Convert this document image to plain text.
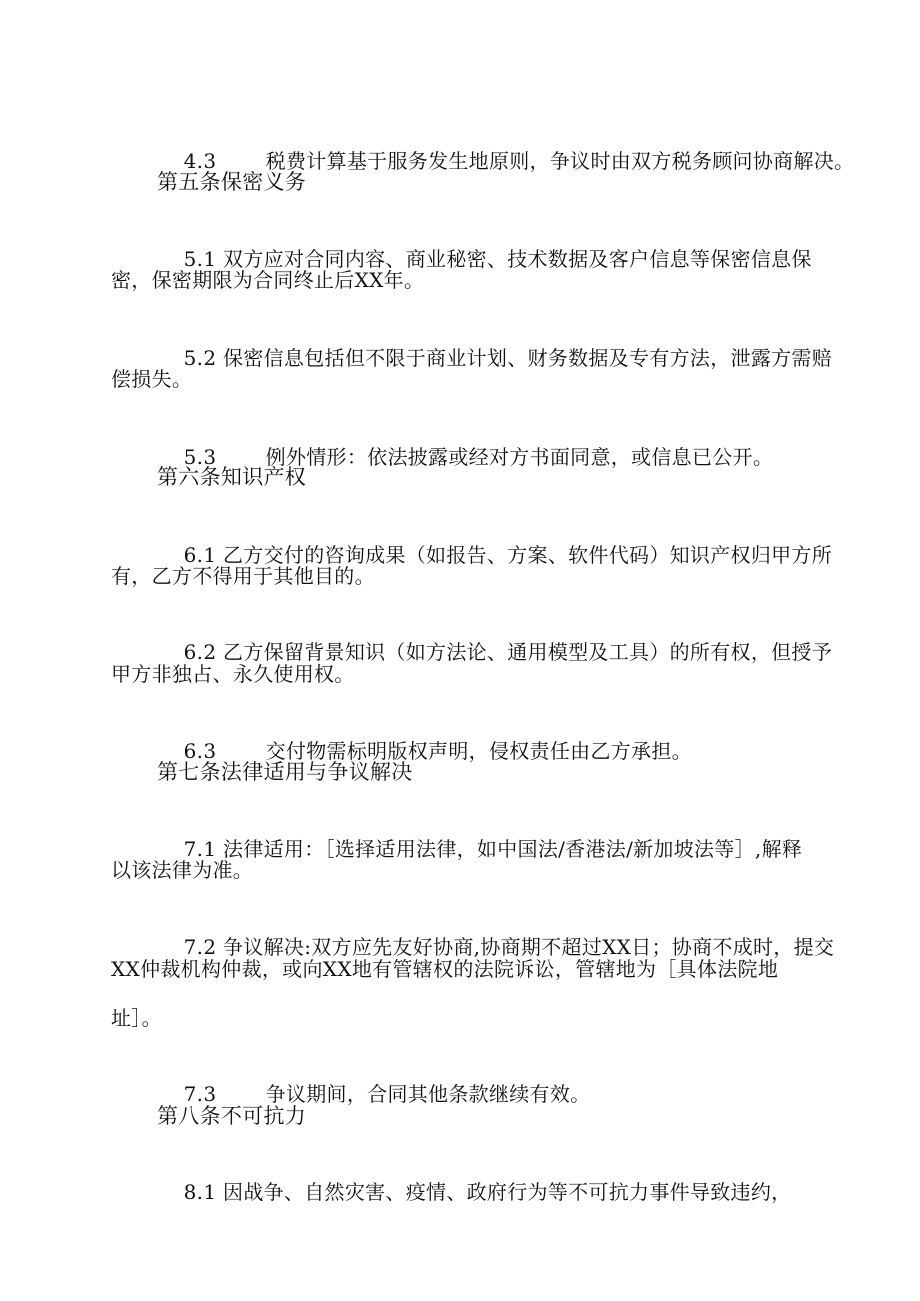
4.3 税费计算基于服务发生地原则，争议时由双方税务顾问协商解决。

第五条保密义务

5.1 双方应对合同内容、商业秘密、技术数据及客户信息等保密信息保

密，保密期限为合同终止后XX年。

5.2 保密信息包括但不限于商业计划、财务数据及专有方法，泄露方需赔

偿损失。

5.3 例外情形：依法披露或经对方书面同意，或信息已公开。

第六条知识产权

6.1 乙方交付的咨询成果（如报告、方案、软件代码）知识产权归甲方所

有，乙方不得用于其他目的。

6.2 乙方保留背景知识（如方法论、通用模型及工具）的所有权，但授予

甲方非独占、永久使用权。

6.3 交付物需标明版权声明，侵权责任由乙方承担。

第七条法律适用与争议解决

7.1 法律适用：［选择适用法律，如中国法/香港法/新加坡法等］,解释

以该法律为准。

7.2 争议解决:双方应先友好协商,协商期不超过XX日；协商不成时，提交

XX仲裁机构仲裁，或向XX地有管辖权的法院诉讼，管辖地为［具体法院地
址］。

7.3 争议期间，合同其他条款继续有效。

第八条不可抗力

8.1 因战争、自然灾害、疫情、政府行为等不可抗力事件导致违约，
